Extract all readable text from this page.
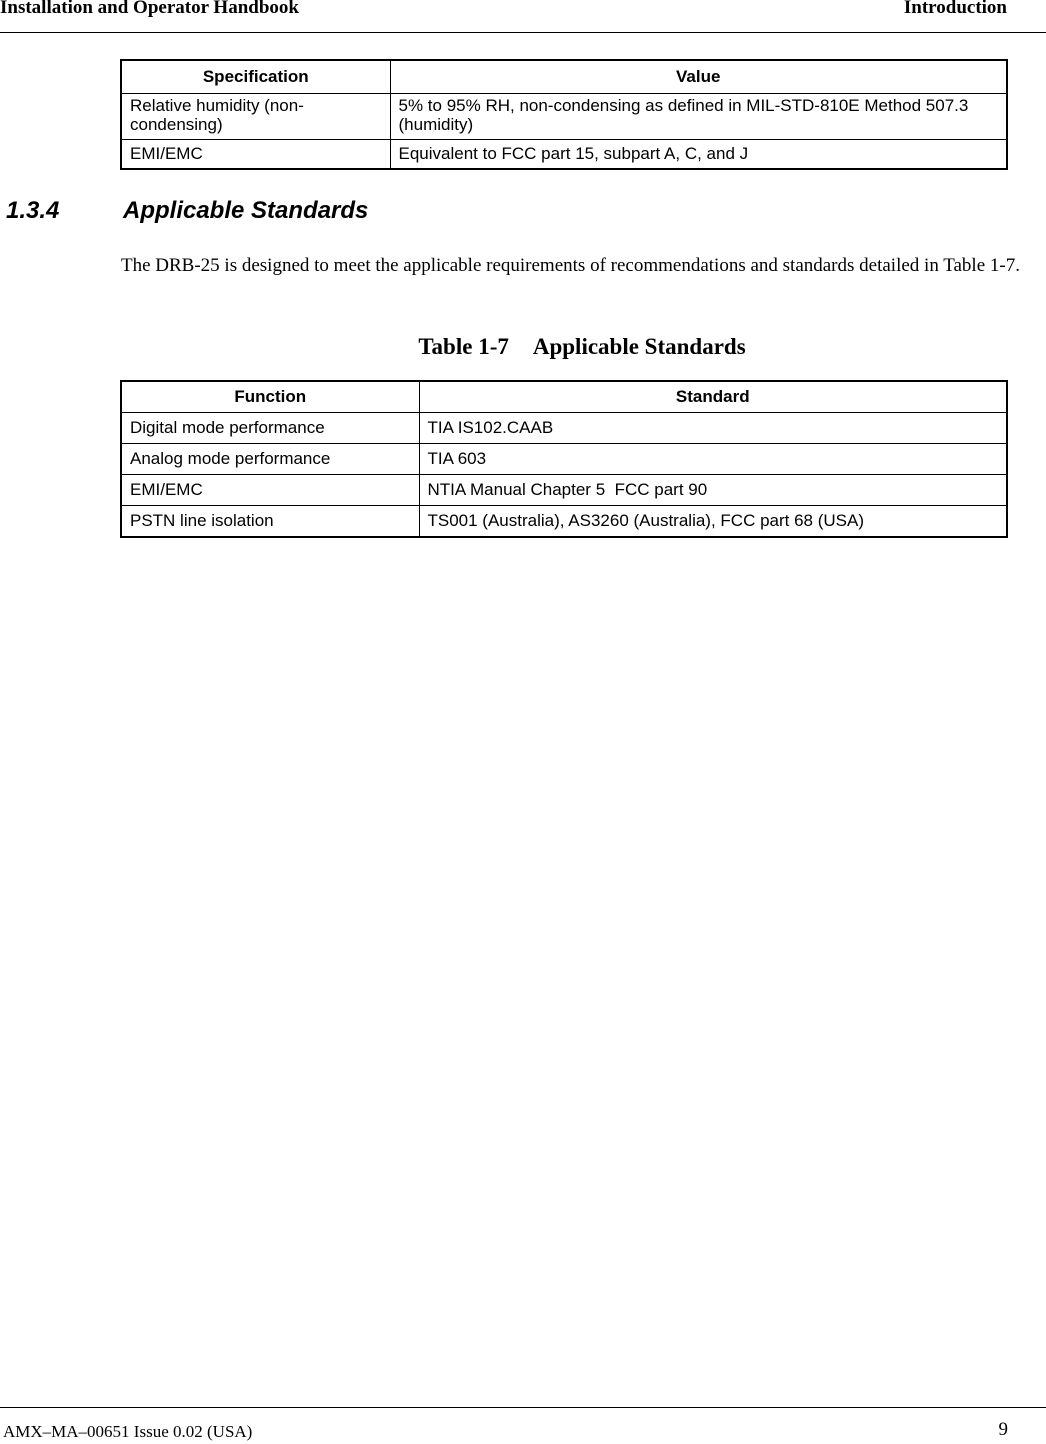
Installation and Operator Handbook	Introduction
Specification	Value
Relative humidity (non-condensing)	5% to 95% RH, non-condensing as defined in MIL-STD-810E Method 507.3 (humidity)
EMI/EMC	Equivalent to FCC part 15, subpart A, C, and J
1.3.4	Applicable Standards

The DRB-25 is designed to meet the applicable requirements of recommendations and standards detailed in Table 1-7.

Table 1-7 Applicable Standards
Function	Standard
Digital mode performance	TIA IS102.CAAB
Analog mode performance	TIA 603
EMI/EMC	NTIA Manual Chapter 5  FCC part 90
PSTN line isolation	TS001 (Australia), AS3260 (Australia), FCC part 68 (USA)
AMX–MA–00651 Issue 0.02 (USA)	9
